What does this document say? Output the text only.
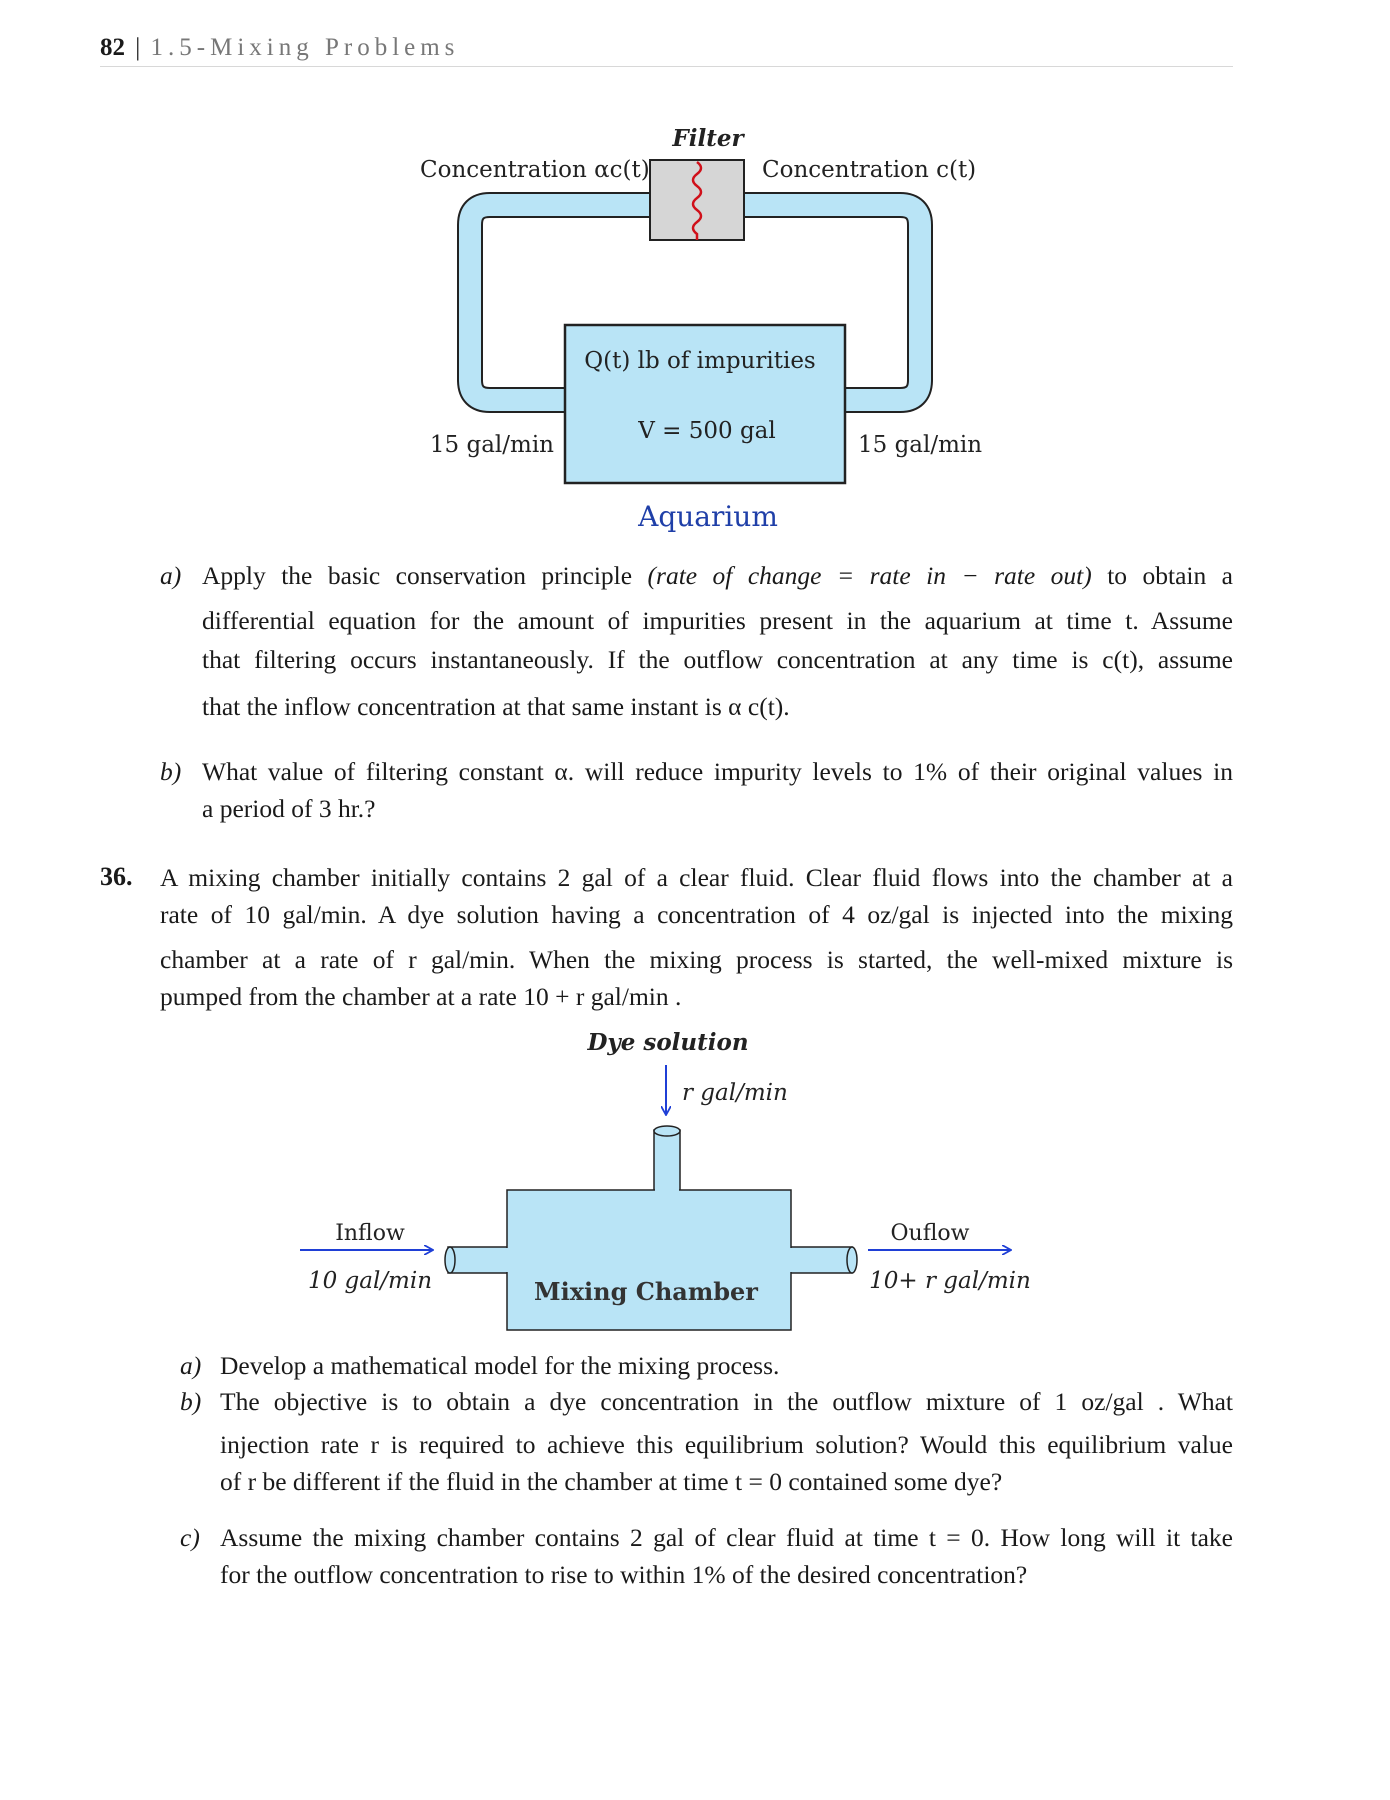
82 | 1.5-Mixing Problems
Filter
Concentration αc(t)	Concentration c(t)
Q(t) lb of impurities
V = 500 gal
15 gal/min	15 gal/min
Aquarium
a) Apply the basic conservation principle (rate of change = rate in − rate out) to obtain a
differential equation for the amount of impurities present in the aquarium at time t. Assume
that filtering occurs instantaneously. If the outflow concentration at any time is c(t), assume
that the inflow concentration at that same instant is α c(t).
b) What value of filtering constant α. will reduce impurity levels to 1% of their original values in
a period of 3 hr.?
36. A mixing chamber initially contains 2 gal of a clear fluid. Clear fluid flows into the chamber at a
rate of 10 gal/min. A dye solution having a concentration of 4 oz/gal is injected into the mixing
chamber at a rate of r gal/min. When the mixing process is started, the well-mixed mixture is
pumped from the chamber at a rate 10 + r gal/min .
Dye solution
r gal/min
Inflow
10 gal/min
Ouflow
10+ r gal/min
Mixing Chamber
a) Develop a mathematical model for the mixing process.
b) The objective is to obtain a dye concentration in the outflow mixture of 1 oz/gal . What
injection rate r is required to achieve this equilibrium solution? Would this equilibrium value
of r be different if the fluid in the chamber at time t = 0 contained some dye?
c) Assume the mixing chamber contains 2 gal of clear fluid at time t = 0. How long will it take
for the outflow concentration to rise to within 1% of the desired concentration?
